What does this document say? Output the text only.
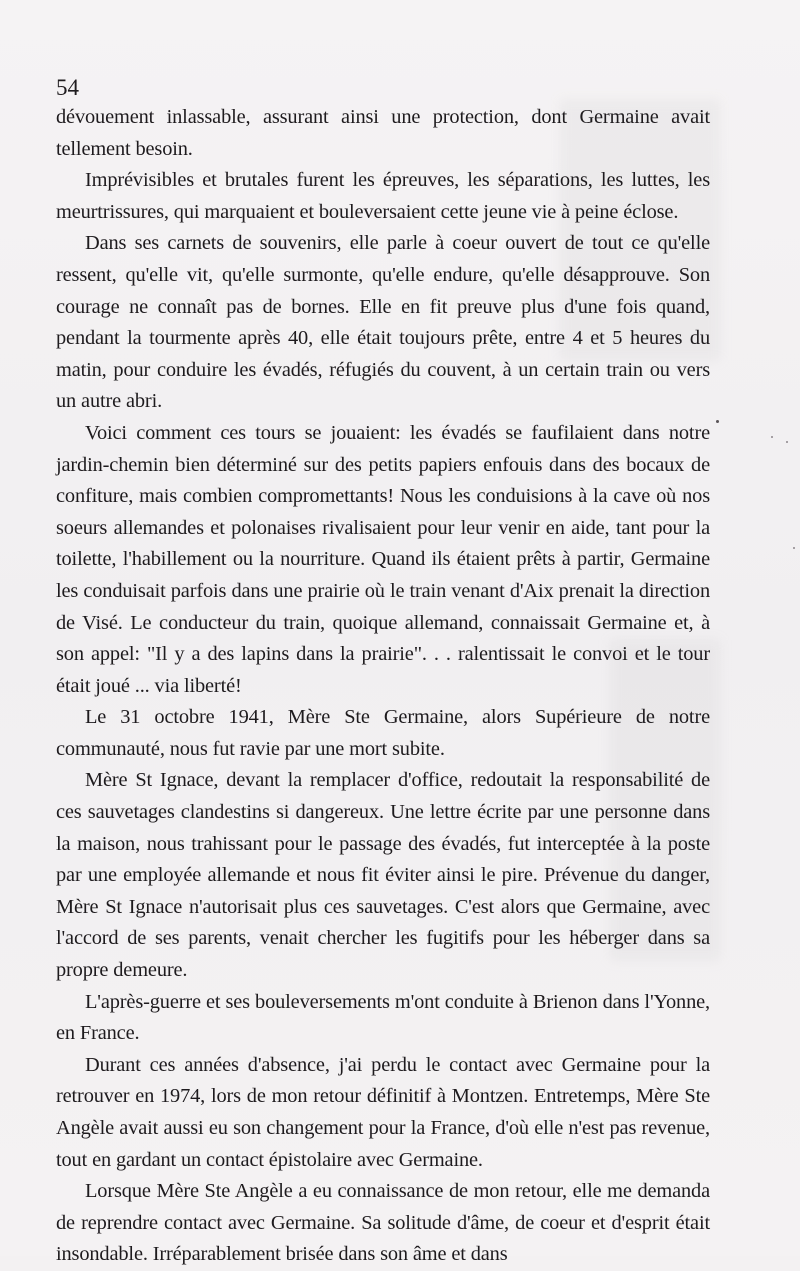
54

dévouement inlassable, assurant ainsi une protection, dont Germaine avait tellement besoin.

Imprévisibles et brutales furent les épreuves, les séparations, les luttes, les meurtrissures, qui marquaient et bouleversaient cette jeune vie à peine éclose.

Dans ses carnets de souvenirs, elle parle à coeur ouvert de tout ce qu'elle ressent, qu'elle vit, qu'elle surmonte, qu'elle endure, qu'elle désapprouve. Son courage ne connaît pas de bornes. Elle en fit preuve plus d'une fois quand, pendant la tourmente après 40, elle était toujours prête, entre 4 et 5 heures du matin, pour conduire les évadés, réfugiés du couvent, à un certain train ou vers un autre abri.

Voici comment ces tours se jouaient: les évadés se faufilaient dans notre jardin-chemin bien déterminé sur des petits papiers enfouis dans des bocaux de confiture, mais combien compromettants! Nous les conduisions à la cave où nos soeurs allemandes et polonaises rivalisaient pour leur venir en aide, tant pour la toilette, l'habillement ou la nourriture. Quand ils étaient prêts à partir, Germaine les conduisait parfois dans une prairie où le train venant d'Aix prenait la direction de Visé. Le conducteur du train, quoique allemand, connaissait Germaine et, à son appel: "Il y a des lapins dans la prairie". . . ralentissait le convoi et le tour était joué ... via liberté!

Le 31 octobre 1941, Mère Ste Germaine, alors Supérieure de notre communauté, nous fut ravie par une mort subite.

Mère St Ignace, devant la remplacer d'office, redoutait la responsabilité de ces sauvetages clandestins si dangereux. Une lettre écrite par une personne dans la maison, nous trahissant pour le passage des évadés, fut interceptée à la poste par une employée allemande et nous fit éviter ainsi le pire. Prévenue du danger, Mère St Ignace n'autorisait plus ces sauvetages. C'est alors que Germaine, avec l'accord de ses parents, venait chercher les fugitifs pour les héberger dans sa propre demeure.

L'après-guerre et ses bouleversements m'ont conduite à Brienon dans l'Yonne, en France.

Durant ces années d'absence, j'ai perdu le contact avec Germaine pour la retrouver en 1974, lors de mon retour définitif à Montzen. Entretemps, Mère Ste Angèle avait aussi eu son changement pour la France, d'où elle n'est pas revenue, tout en gardant un contact épistolaire avec Germaine.

Lorsque Mère Ste Angèle a eu connaissance de mon retour, elle me demanda de reprendre contact avec Germaine. Sa solitude d'âme, de coeur et d'esprit était insondable. Irréparablement brisée dans son âme et dans
